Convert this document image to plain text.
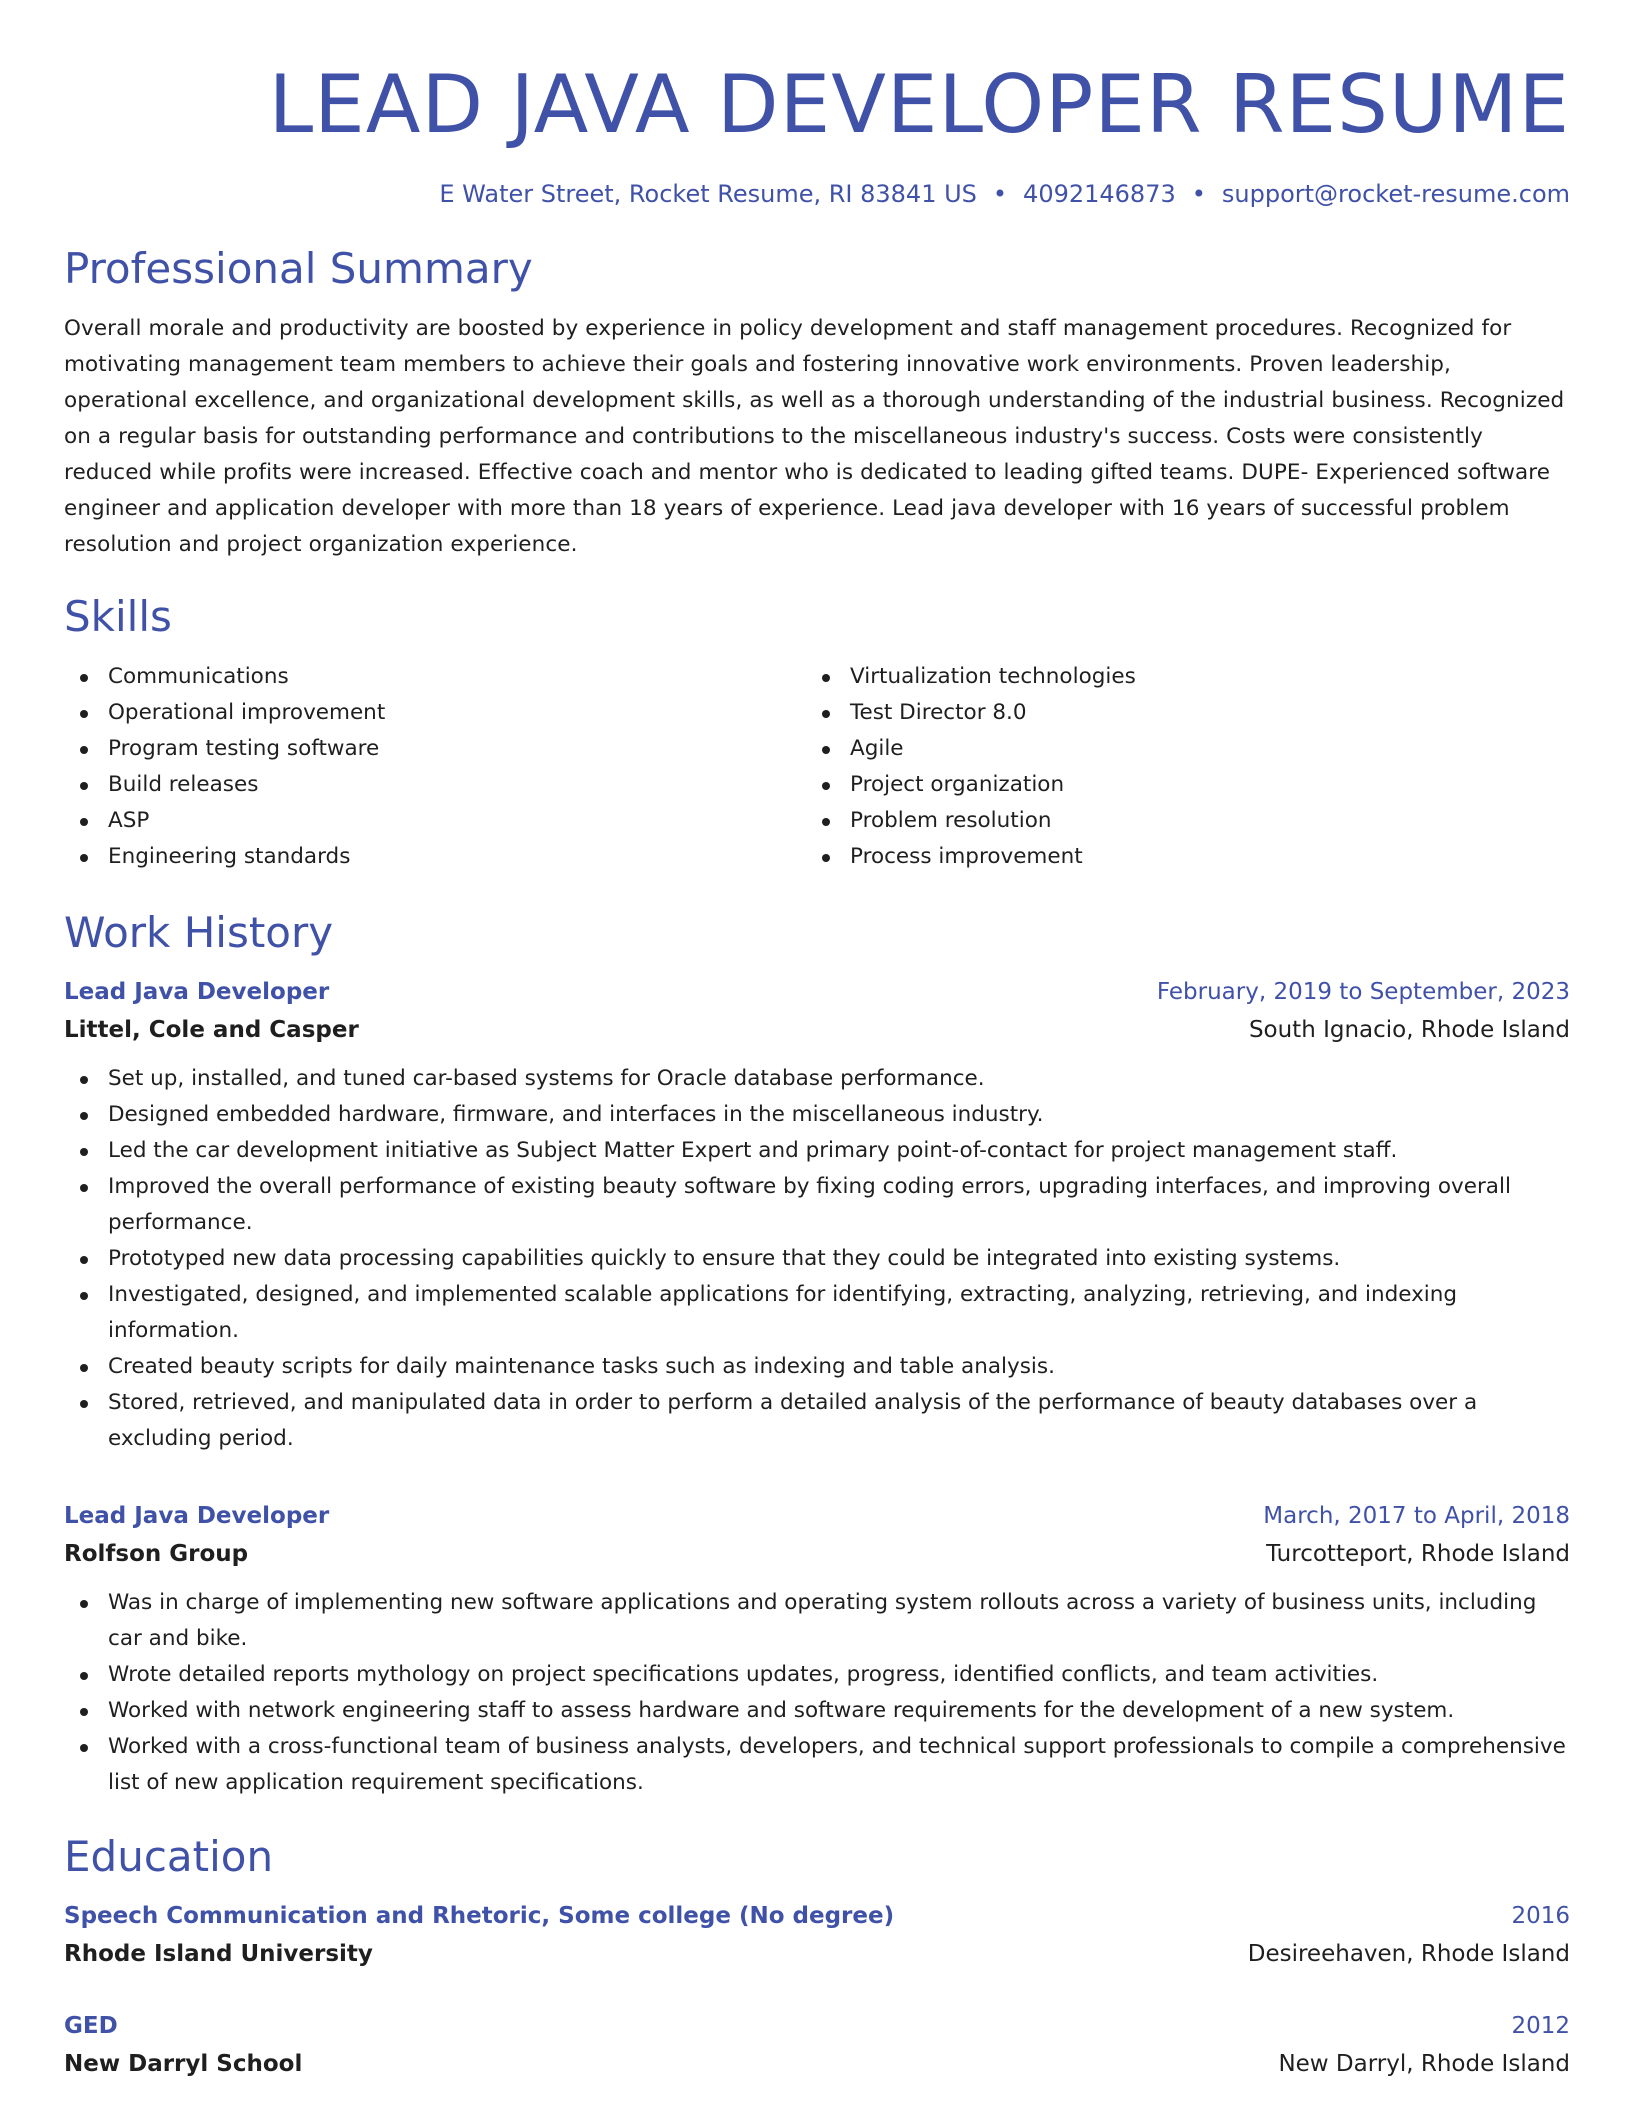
LEAD JAVA DEVELOPER RESUME
E Water Street, Rocket Resume, RI 83841 US • 4092146873 • support@rocket-resume.com
Professional Summary

Overall morale and productivity are boosted by experience in policy development and staff management procedures. Recognized for motivating management team members to achieve their goals and fostering innovative work environments. Proven leadership, operational excellence, and organizational development skills, as well as a thorough understanding of the industrial business. Recognized on a regular basis for outstanding performance and contributions to the miscellaneous industry's success. Costs were consistently reduced while profits were increased. Effective coach and mentor who is dedicated to leading gifted teams. DUPE- Experienced software engineer and application developer with more than 18 years of experience. Lead java developer with 16 years of successful problem resolution and project organization experience.

Skills
Communications
Operational improvement
Program testing software
Build releases
ASP
Engineering standards
Virtualization technologies
Test Director 8.0
Agile
Project organization
Problem resolution
Process improvement
Work History
Lead Java Developer	February, 2019 to September, 2023
Littel, Cole and Casper	South Ignacio, Rhode Island
Set up, installed, and tuned car-based systems for Oracle database performance.
Designed embedded hardware, firmware, and interfaces in the miscellaneous industry.
Led the car development initiative as Subject Matter Expert and primary point-of-contact for project management staff.
Improved the overall performance of existing beauty software by fixing coding errors, upgrading interfaces, and improving overall performance.
Prototyped new data processing capabilities quickly to ensure that they could be integrated into existing systems.
Investigated, designed, and implemented scalable applications for identifying, extracting, analyzing, retrieving, and indexing information.
Created beauty scripts for daily maintenance tasks such as indexing and table analysis.
Stored, retrieved, and manipulated data in order to perform a detailed analysis of the performance of beauty databases over a excluding period.
Lead Java Developer	March, 2017 to April, 2018
Rolfson Group	Turcotteport, Rhode Island
Was in charge of implementing new software applications and operating system rollouts across a variety of business units, including car and bike.
Wrote detailed reports mythology on project specifications updates, progress, identified conflicts, and team activities.
Worked with network engineering staff to assess hardware and software requirements for the development of a new system.
Worked with a cross-functional team of business analysts, developers, and technical support professionals to compile a comprehensive list of new application requirement specifications.
Education
Speech Communication and Rhetoric, Some college (No degree)	2016
Rhode Island University	Desireehaven, Rhode Island
GED	2012
New Darryl School	New Darryl, Rhode Island
